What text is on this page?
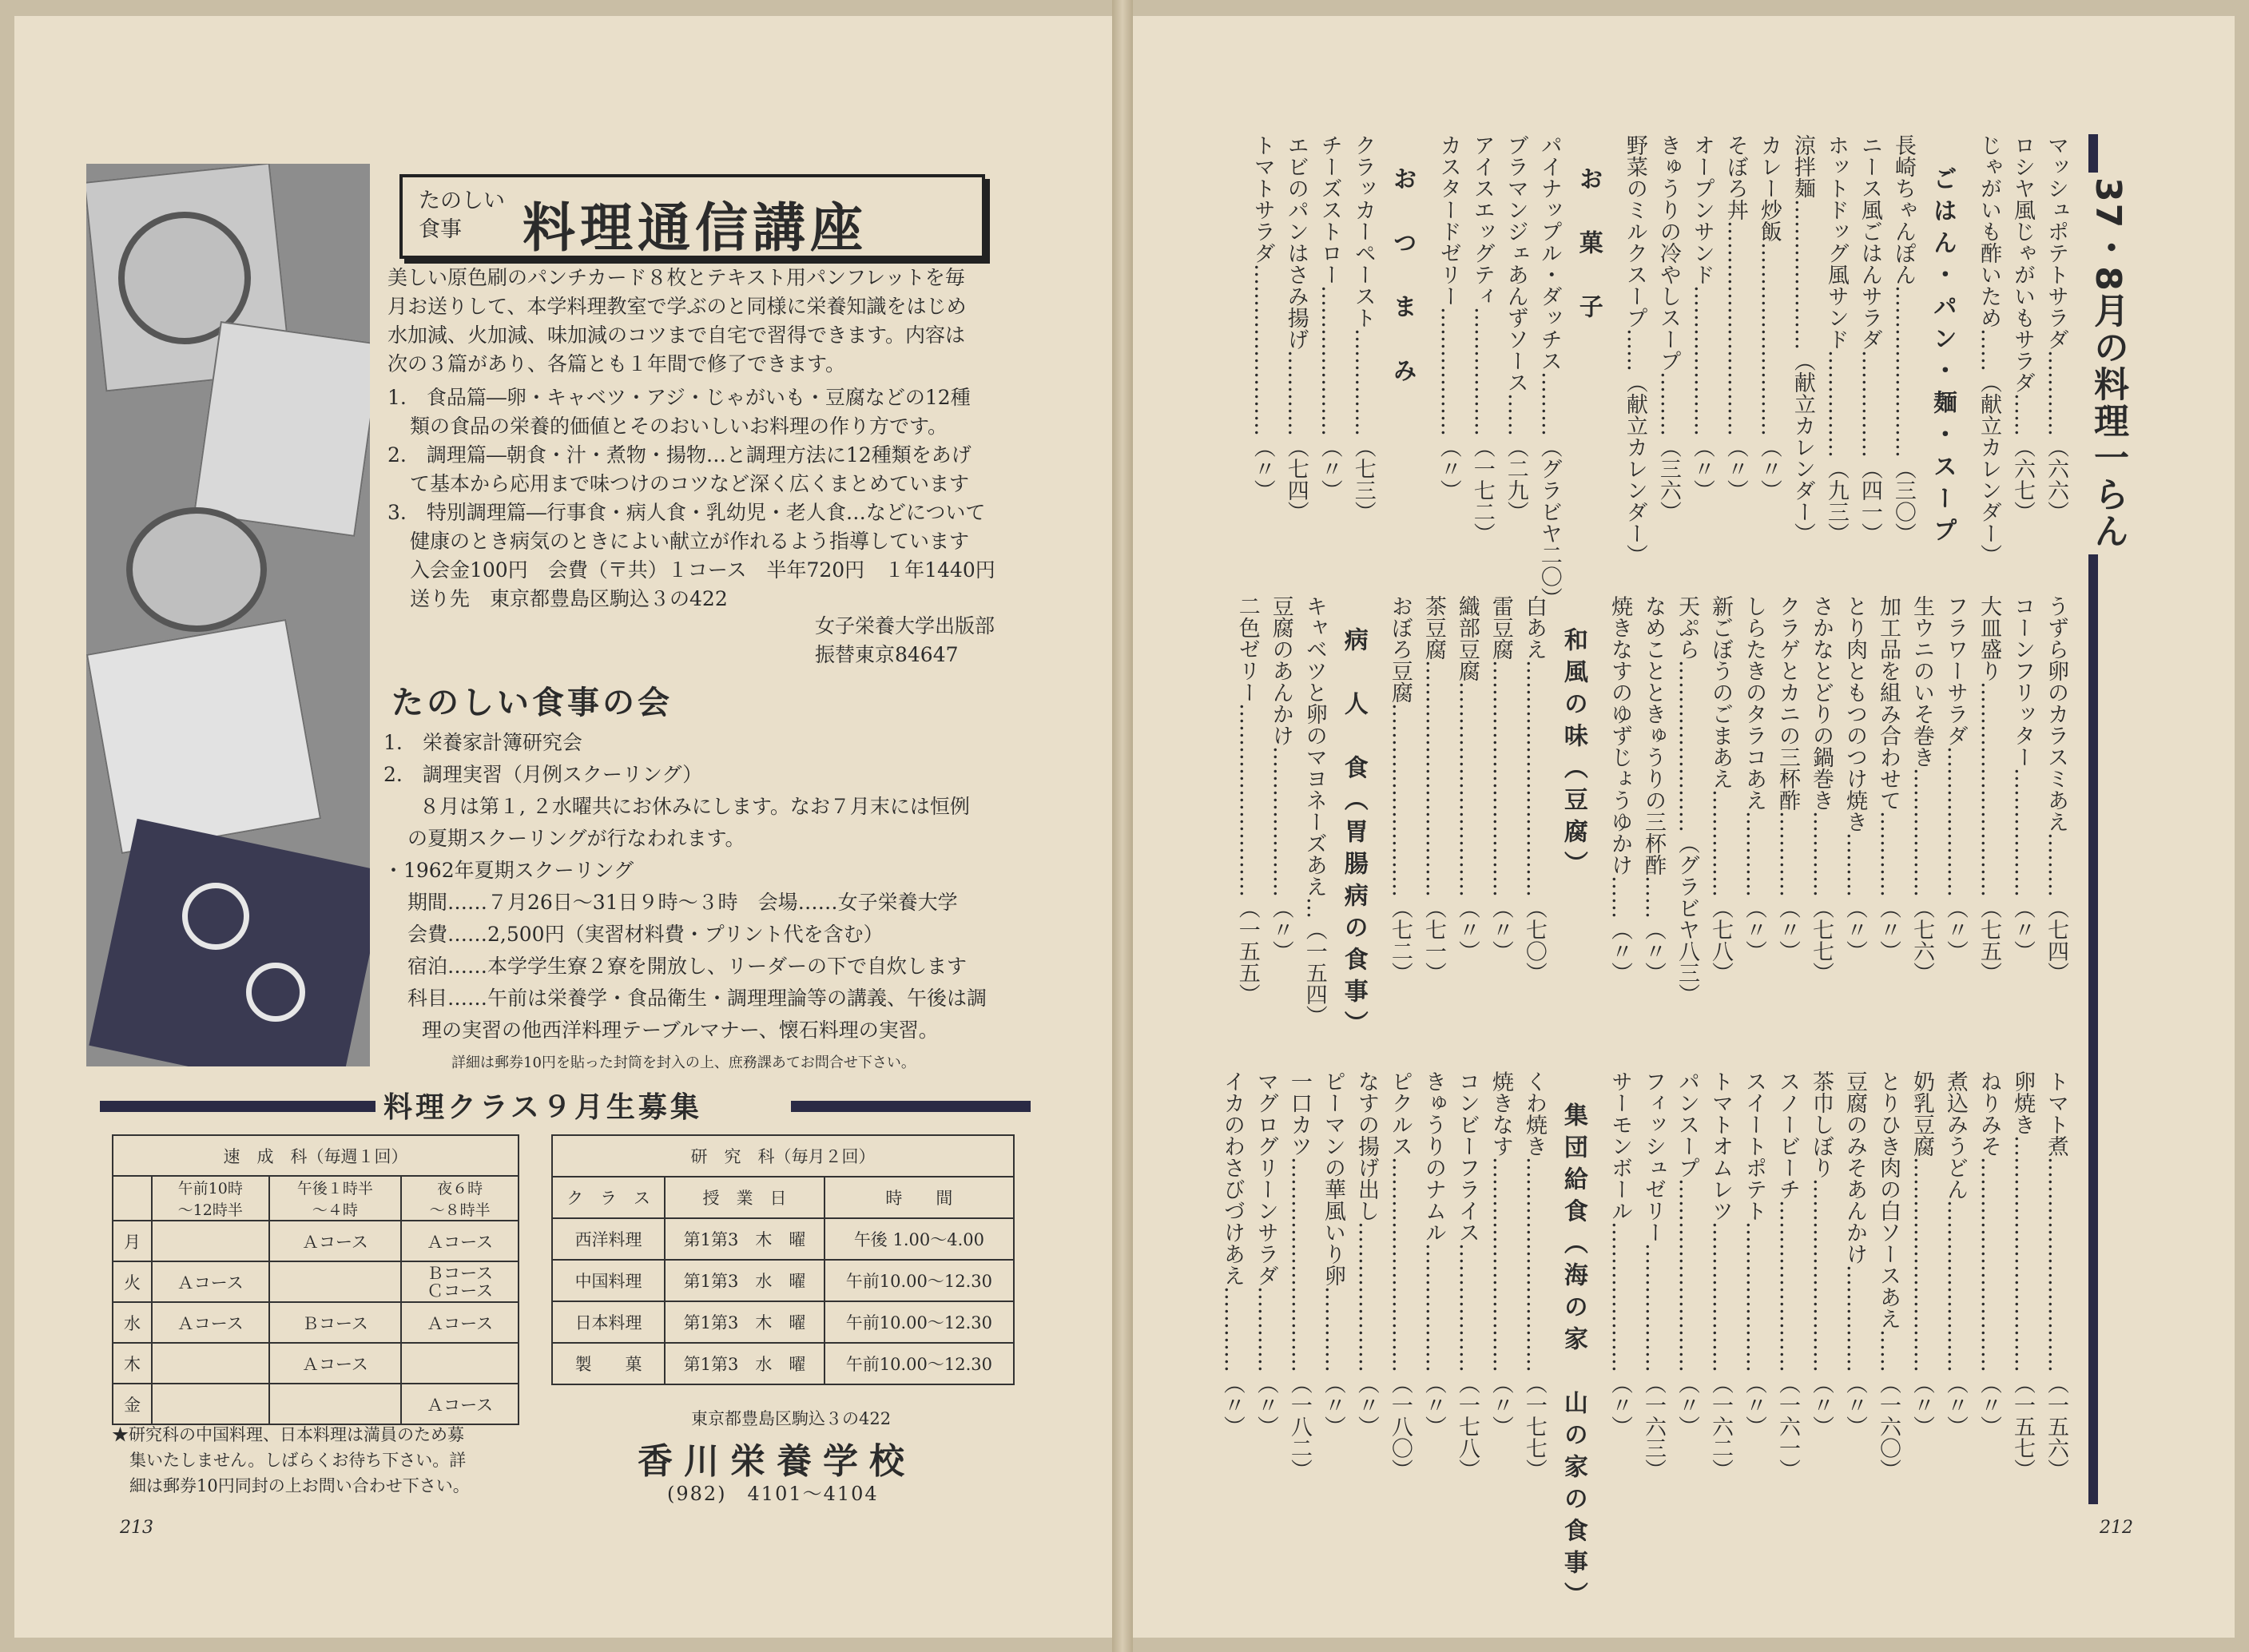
たのしい食事	料理通信講座
美しい原色刷のパンチカード８枚とテキスト用パンフレットを毎
月お送りして、本学料理教室で学ぶのと同様に栄養知識をはじめ
水加減、火加減、味加減のコツまで自宅で習得できます。内容は
次の３篇があり、各篇とも１年間で修了できます。
1.　 食品篇―卵・キャベツ・アジ・じゃがいも・豆腐などの12種
類の食品の栄養的価値とそのおいしいお料理の作り方です。
2.　 調理篇―朝食・汁・煮物・揚物…と調理方法に12種類をあげ
て基本から応用まで味つけのコツなど深く広くまとめています
3.　 特別調理篇―行事食・病人食・乳幼児・老人食…などについて
健康のとき病気のときによい献立が作れるよう指導しています
入会金100円　会費（〒共）１コース　半年720円　１年1440円
送り先　東京都豊島区駒込３の422
女子栄養大学出版部
振替東京84647
たのしい食事の会
1.　栄養家計簿研究会
2.　調理実習（月例スクーリング）
　８月は第１, ２水曜共にお休みにします。なお７月末には恒例
の夏期スクーリングが行なわれます。
・1962年夏期スクーリング
期間……７月26日～31日９時～３時　会場……女子栄養大学
会費……2,500円（実習材料費・プリント代を含む）
宿泊……本学学生寮２寮を開放し、リーダーの下で自炊します
科目……午前は栄養学・食品衛生・調理理論等の講義、午後は調
理の実習の他西洋料理テーブルマナー、懐石料理の実習。
詳細は郵券10円を貼った封筒を封入の上、庶務課あてお問合せ下さい。
料理クラス９月生募集
速　成　科（毎週１回）			
	午前10時
～12時半	午後１時半
～４時	夜６時
～８時半
月		Ａコース	Ａコース
火	Ａコース		Ｂコース
Ｃコース
水	Ａコース	Ｂコース	Ａコース
木		Ａコース	
金			Ａコース
研　究　科（毎月２回）		
ク　ラ　ス	授　業　日	時　　間
西洋料理	第1第3　木　曜	午後 1.00～4.00
中国料理	第1第3　水　曜	午前10.00～12.30
日本料理	第1第3　木　曜	午前10.00～12.30
製　　菓	第1第3　水　曜	午前10.00～12.30
★研究科の中国料理、日本料理は満員のため募
集いたしません。しばらくお待ち下さい。詳
細は郵券10円同封の上お問い合わせ下さい。
東京都豊島区駒込３の422
香川栄養学校
(982)　4101～4104
213
37・8月の料理一らん
マッシュポテトサラダ…………（六六）
ロシヤ風じゃがいもサラダ……（六七）
じゃがいも酢いため……（献立カレンダー）
ごはん・パン・麺・スープ
長崎ちゃんぽん……………………（三〇）
ニース風ごはんサラダ……………（四一）
ホットドッグ風サンド……………（九三）
涼拌麺…………………（献立カレンダー）
カレー炒飯………………………（〃）
そぼろ丼…………………………（〃）
オープンサンド…………………（〃）
きゅうりの冷やしスープ………（三六）
野菜のミルクスープ……（献立カレンダー）
お　菓　子
パイナップル・ダッチス………（グラビヤ二〇）
ブラマンジェあんずソース……（二九）
アイスエッグティ………………（一七二）
カスタードゼリー………………（〃）
お　つ　ま　み
クラッカーペースト……………（七三）
チーズストロー…………………（〃）
エビのパンはさみ揚げ…………（七四）
トマトサラダ……………………（〃）
うずら卵のカラスミあえ………（七四）
コーンフリッター………………（〃）
大皿盛り…………………………（七五）
フラワーサラダ…………………（〃）
生ウニのいそ巻き………………（七六）
加工品を組み合わせて…………（〃）
とり肉ともつのつけ焼き………（〃）
さかなとどりの鍋巻き…………（七七）
クラゲとカニの三杯酢…………（〃）
しらたきのタラコあえ…………（〃）
新ごぼうのごまあえ……………（七八）
天ぷら……………………（グラビヤ八三）
なめことときゅうりの三杯酢……（〃）
焼きなすのゆずじょうゆかけ……（〃）
和風の味（豆腐）
白あえ……………………………（七〇）
雷豆腐……………………………（〃）
織部豆腐…………………………（〃）
茶豆腐……………………………（七一）
おぼろ豆腐………………………（七二）
病　人　食（胃腸病の食事）
キャベツと卵のマヨネーズあえ…（一五四）
豆腐のあんかけ…………………（〃）
二色ゼリー………………………（一五五）
トマト煮…………………………（一五六）
卵焼き……………………………（一五七）
ねりみそ…………………………（〃）
煮込みうどん……………………（〃）
奶乳豆腐…………………………（〃）
とりひき肉の白ソースあえ……（一六〇）
豆腐のみそあんかけ……………（〃）
茶巾しぼり………………………（〃）
スノービーチ……………………（一六一）
スイートポテト…………………（〃）
トマトオムレツ…………………（一六二）
パンスープ………………………（〃）
フィッシュゼリー………………（一六三）
サーモンボール…………………（〃）
集団給食（海の家　山の家の食事）
くわ焼き…………………………（一七七）
焼きなす…………………………（〃）
コンビーフライス………………（一七八）
きゅうりのナムル………………（〃）
ピクルス…………………………（一八〇）
なすの揚げ出し…………………（〃）
ピーマンの華風いり卵…………（〃）
一口カツ…………………………（一八二）
マグログリーンサラダ…………（〃）
イカのわさびづけあえ…………（〃）
212
